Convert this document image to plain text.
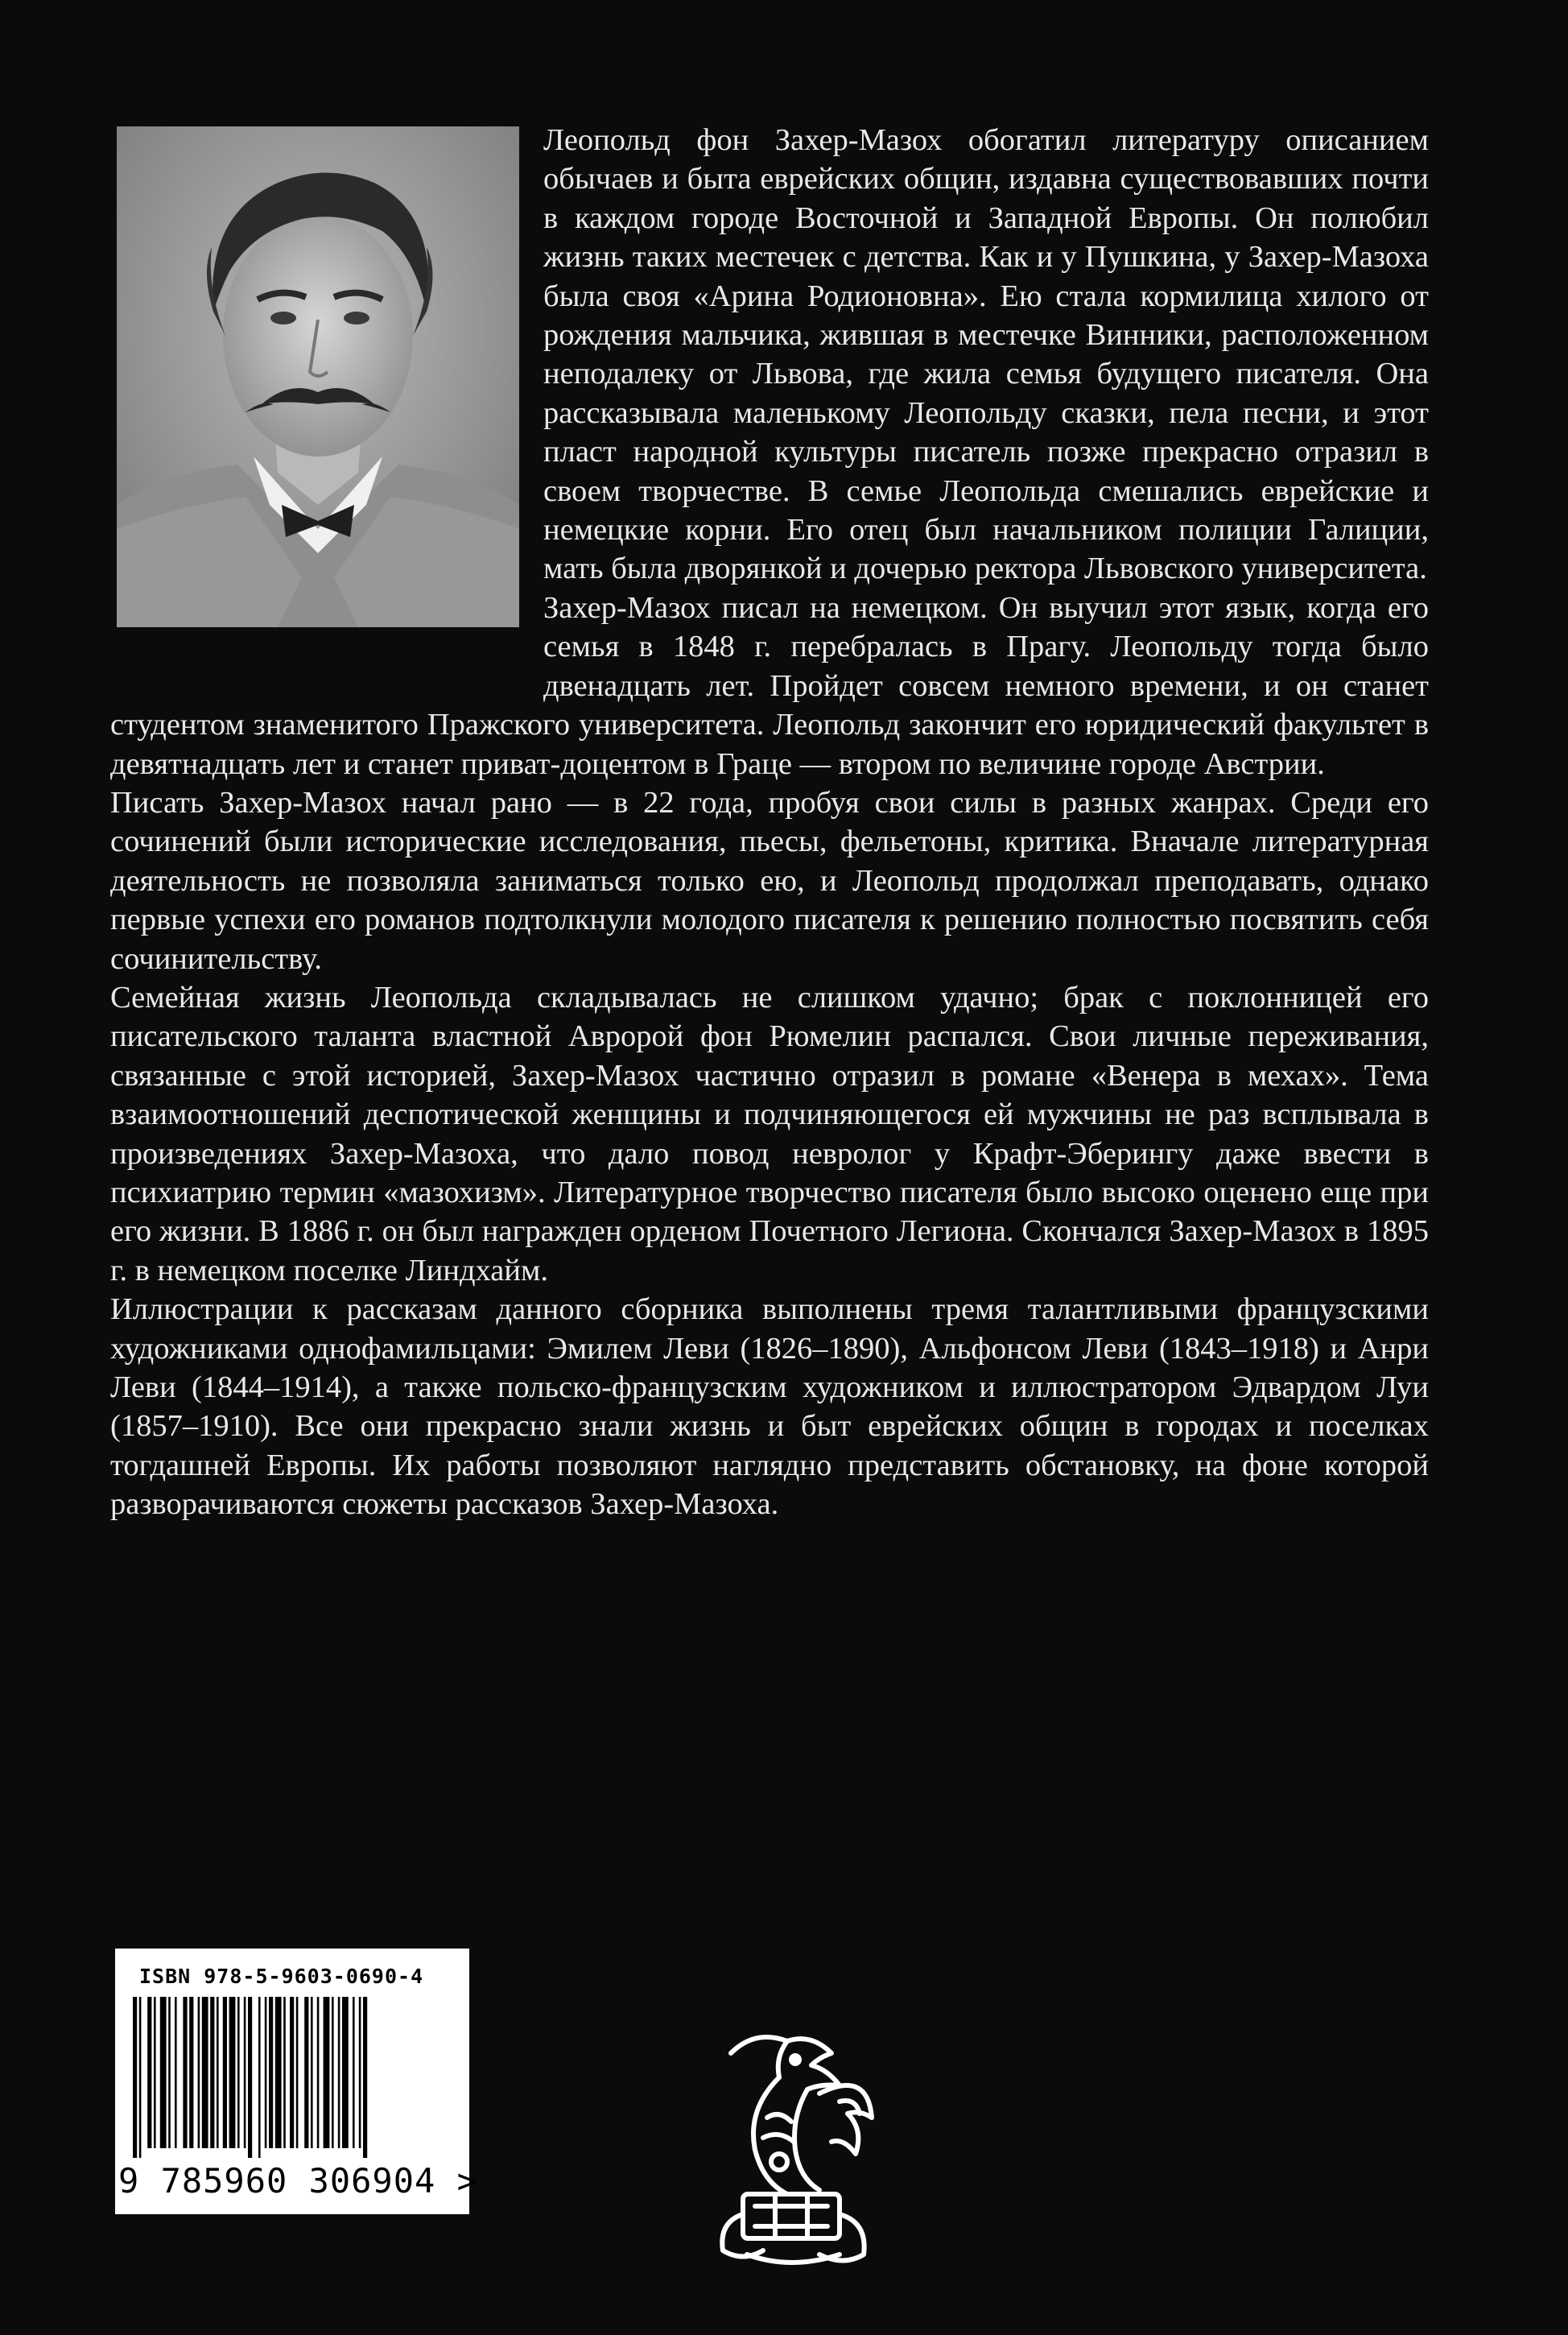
Леопольд фон Захер-Мазох обогатил литературу описанием обычаев и быта еврейских общин, издавна существовавших почти в каждом городе Восточной и Западной Европы. Он полюбил жизнь таких местечек с детства. Как и у Пушкина, у Захер-Мазоха была своя «Арина Родионовна». Ею стала кормилица хилого от рождения мальчика, жившая в местечке Винники, расположенном неподалеку от Львова, где жила семья будущего писателя. Она рассказывала маленькому Леопольду сказки, пела песни, и этот пласт народной культуры писатель позже прекрасно отразил в своем творчестве. В семье Леопольда смешались еврейские и немецкие корни. Его отец был начальником полиции Галиции, мать была дворянкой и дочерью ректора Львовского университета.

Захер-Мазох писал на немецком. Он выучил этот язык, когда его семья в 1848 г. перебралась в Прагу. Леопольду тогда было двенадцать лет. Пройдет совсем немного времени, и он станет студентом знаменитого Пражского университета. Леопольд закончит его юридический факультет в девятнадцать лет и станет приват-доцентом в Граце — втором по величине городе Австрии.

Писать Захер-Мазох начал рано — в 22 года, пробуя свои силы в разных жанрах. Среди его сочинений были исторические исследования, пьесы, фельетоны, критика. Вначале литературная деятельность не позволяла заниматься только ею, и Леопольд продолжал преподавать, однако первые успехи его романов подтолкнули молодого писателя к решению полностью посвятить себя сочинительству.

Семейная жизнь Леопольда складывалась не слишком удачно; брак с поклонницей его писательского таланта властной Авророй фон Рюмелин распался. Свои личные переживания, связанные с этой историей, Захер-Мазох частично отразил в романе «Венера в мехах». Тема взаимоотношений деспотической женщины и подчиняющегося ей мужчины не раз всплывала в произведениях Захер-Мазоха, что дало повод невролог у Крафт-Эберингу даже ввести в психиатрию термин «мазохизм». Литературное творчество писателя было высоко оценено еще при его жизни. В 1886 г. он был награжден орденом Почетного Легиона. Скончался Захер-Мазох в 1895 г. в немецком поселке Линдхайм.

Иллюстрации к рассказам данного сборника выполнены тремя талантливыми французскими художниками однофамильцами: Эмилем Леви (1826–1890), Альфонсом Леви (1843–1918) и Анри Леви (1844–1914), а также польско-французским художником и иллюстратором Эдвардом Луи (1857–1910). Все они прекрасно знали жизнь и быт еврейских общин в городах и поселках тогдашней Европы. Их работы позволяют наглядно представить обстановку, на фоне которой разворачиваются сюжеты рассказов Захер-Мазоха.

ISBN 978-5-9603-0690-4
9 785960 306904 >
